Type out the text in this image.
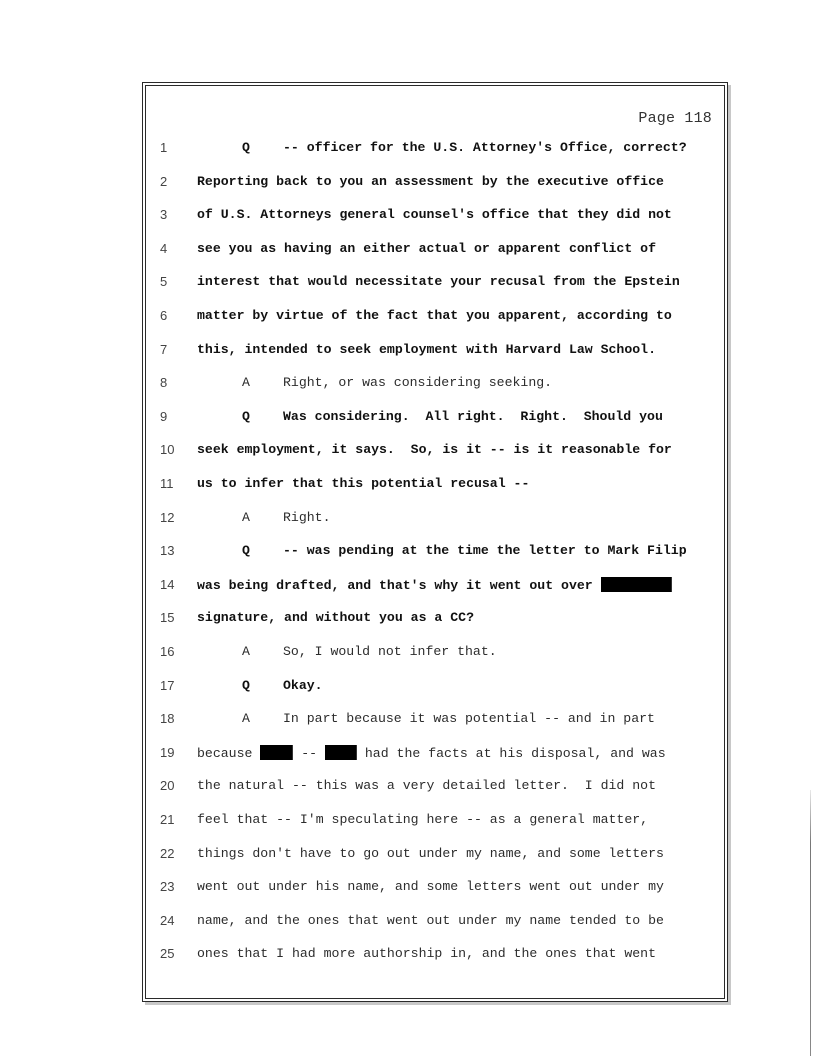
Page 118
1	Q	-- officer for the U.S. Attorney's Office, correct?
2 Reporting back to you an assessment by the executive office
3 of U.S. Attorneys general counsel's office that they did not
4 see you as having an either actual or apparent conflict of
5 interest that would necessitate your recusal from the Epstein
6 matter by virtue of the fact that you apparent, according to
7 this, intended to seek employment with Harvard Law School.
8	A	Right, or was considering seeking.
9	Q	Was considering.  All right.  Right.  Should you
10 seek employment, it says.  So, is it -- is it reasonable for
11 us to infer that this potential recusal --
12	A	Right.
13	Q	-- was pending at the time the letter to Mark Filip
14 was being drafted, and that's why it went out over
15 signature, and without you as a CC?
16	A	So, I would not infer that.
17	Q	Okay.
18	A	In part because it was potential -- and in part
19 because	--  had the facts at his disposal, and was
20 the natural -- this was a very detailed letter.  I did not
21 feel that -- I'm speculating here -- as a general matter,
22 things don't have to go out under my name, and some letters
23 went out under his name, and some letters went out under my
24 name, and the ones that went out under my name tended to be
25 ones that I had more authorship in, and the ones that went
